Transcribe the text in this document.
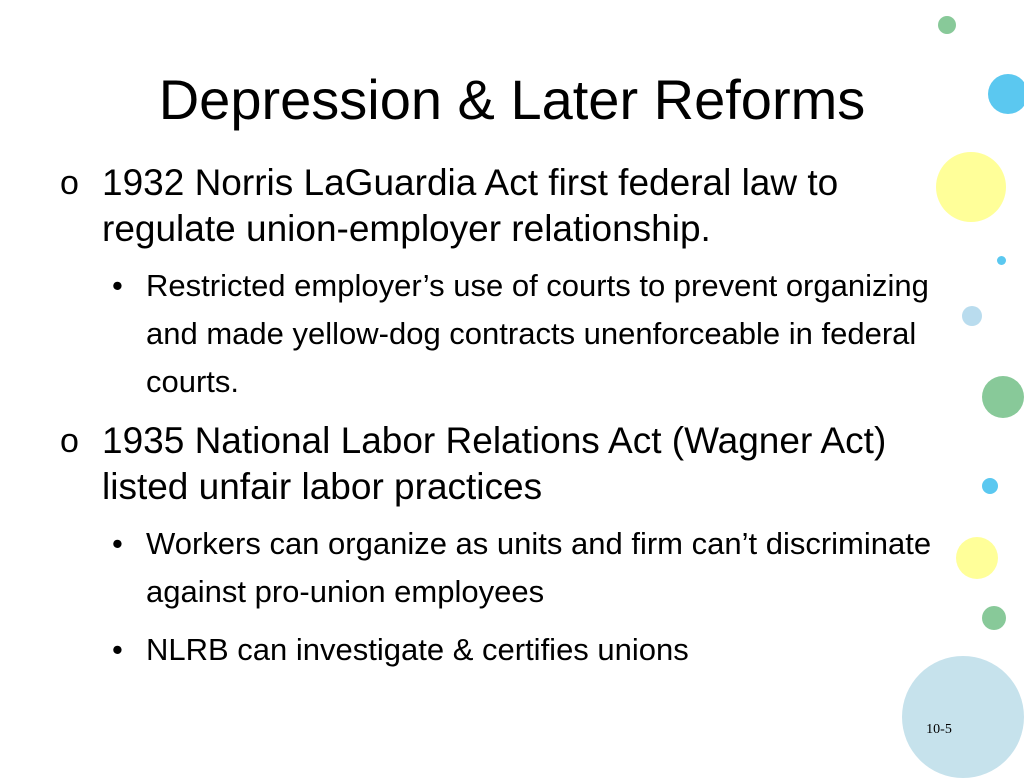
Depression & Later Reforms

o 1932 Norris LaGuardia Act first federal law to regulate union-employer relationship.

• Restricted employer’s use of courts to prevent organizing and made yellow-dog contracts unenforceable in federal courts.

o 1935 National Labor Relations Act (Wagner Act) listed unfair labor practices

• Workers can organize as units and firm can’t discriminate against pro-union employees

• NLRB can investigate & certifies unions

10-5
